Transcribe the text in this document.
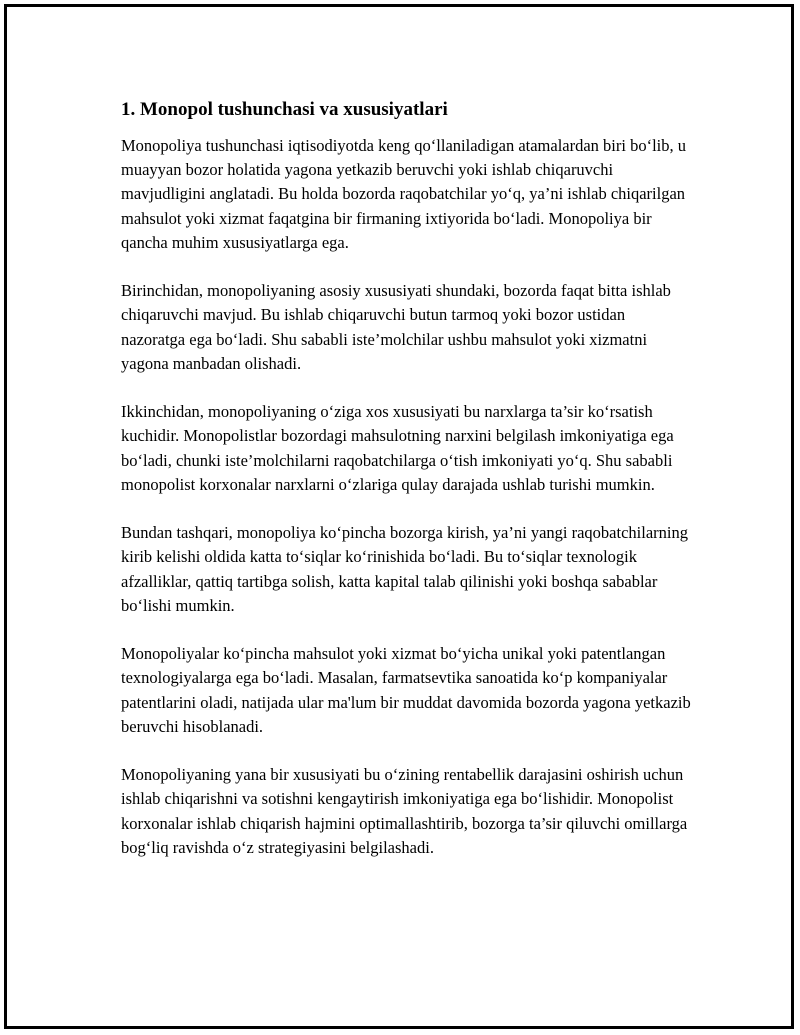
1. Monopol tushunchasi va xususiyatlari

Monopoliya tushunchasi iqtisodiyotda keng qo‘llaniladigan atamalardan biri bo‘lib, u muayyan bozor holatida yagona yetkazib beruvchi yoki ishlab chiqaruvchi mavjudligini anglatadi. Bu holda bozorda raqobatchilar yo‘q, ya’ni ishlab chiqarilgan mahsulot yoki xizmat faqatgina bir firmaning ixtiyorida bo‘ladi. Monopoliya bir qancha muhim xususiyatlarga ega.

Birinchidan, monopoliyaning asosiy xususiyati shundaki, bozorda faqat bitta ishlab chiqaruvchi mavjud. Bu ishlab chiqaruvchi butun tarmoq yoki bozor ustidan nazoratga ega bo‘ladi. Shu sababli iste’molchilar ushbu mahsulot yoki xizmatni yagona manbadan olishadi.

Ikkinchidan, monopoliyaning o‘ziga xos xususiyati bu narxlarga ta’sir ko‘rsatish kuchidir. Monopolistlar bozordagi mahsulotning narxini belgilash imkoniyatiga ega bo‘ladi, chunki iste’molchilarni raqobatchilarga o‘tish imkoniyati yo‘q. Shu sababli monopolist korxonalar narxlarni o‘zlariga qulay darajada ushlab turishi mumkin.

Bundan tashqari, monopoliya ko‘pincha bozorga kirish, ya’ni yangi raqobatchilarning kirib kelishi oldida katta to‘siqlar ko‘rinishida bo‘ladi. Bu to‘siqlar texnologik afzalliklar, qattiq tartibga solish, katta kapital talab qilinishi yoki boshqa sabablar bo‘lishi mumkin.

Monopoliyalar ko‘pincha mahsulot yoki xizmat bo‘yicha unikal yoki patentlangan texnologiyalarga ega bo‘ladi. Masalan, farmatsevtika sanoatida ko‘p kompaniyalar patentlarini oladi, natijada ular ma'lum bir muddat davomida bozorda yagona yetkazib beruvchi hisoblanadi.

Monopoliyaning yana bir xususiyati bu o‘zining rentabellik darajasini oshirish uchun ishlab chiqarishni va sotishni kengaytirish imkoniyatiga ega bo‘lishidir. Monopolist korxonalar ishlab chiqarish hajmini optimallashtirib, bozorga ta’sir qiluvchi omillarga bog‘liq ravishda o‘z strategiyasini belgilashadi.
